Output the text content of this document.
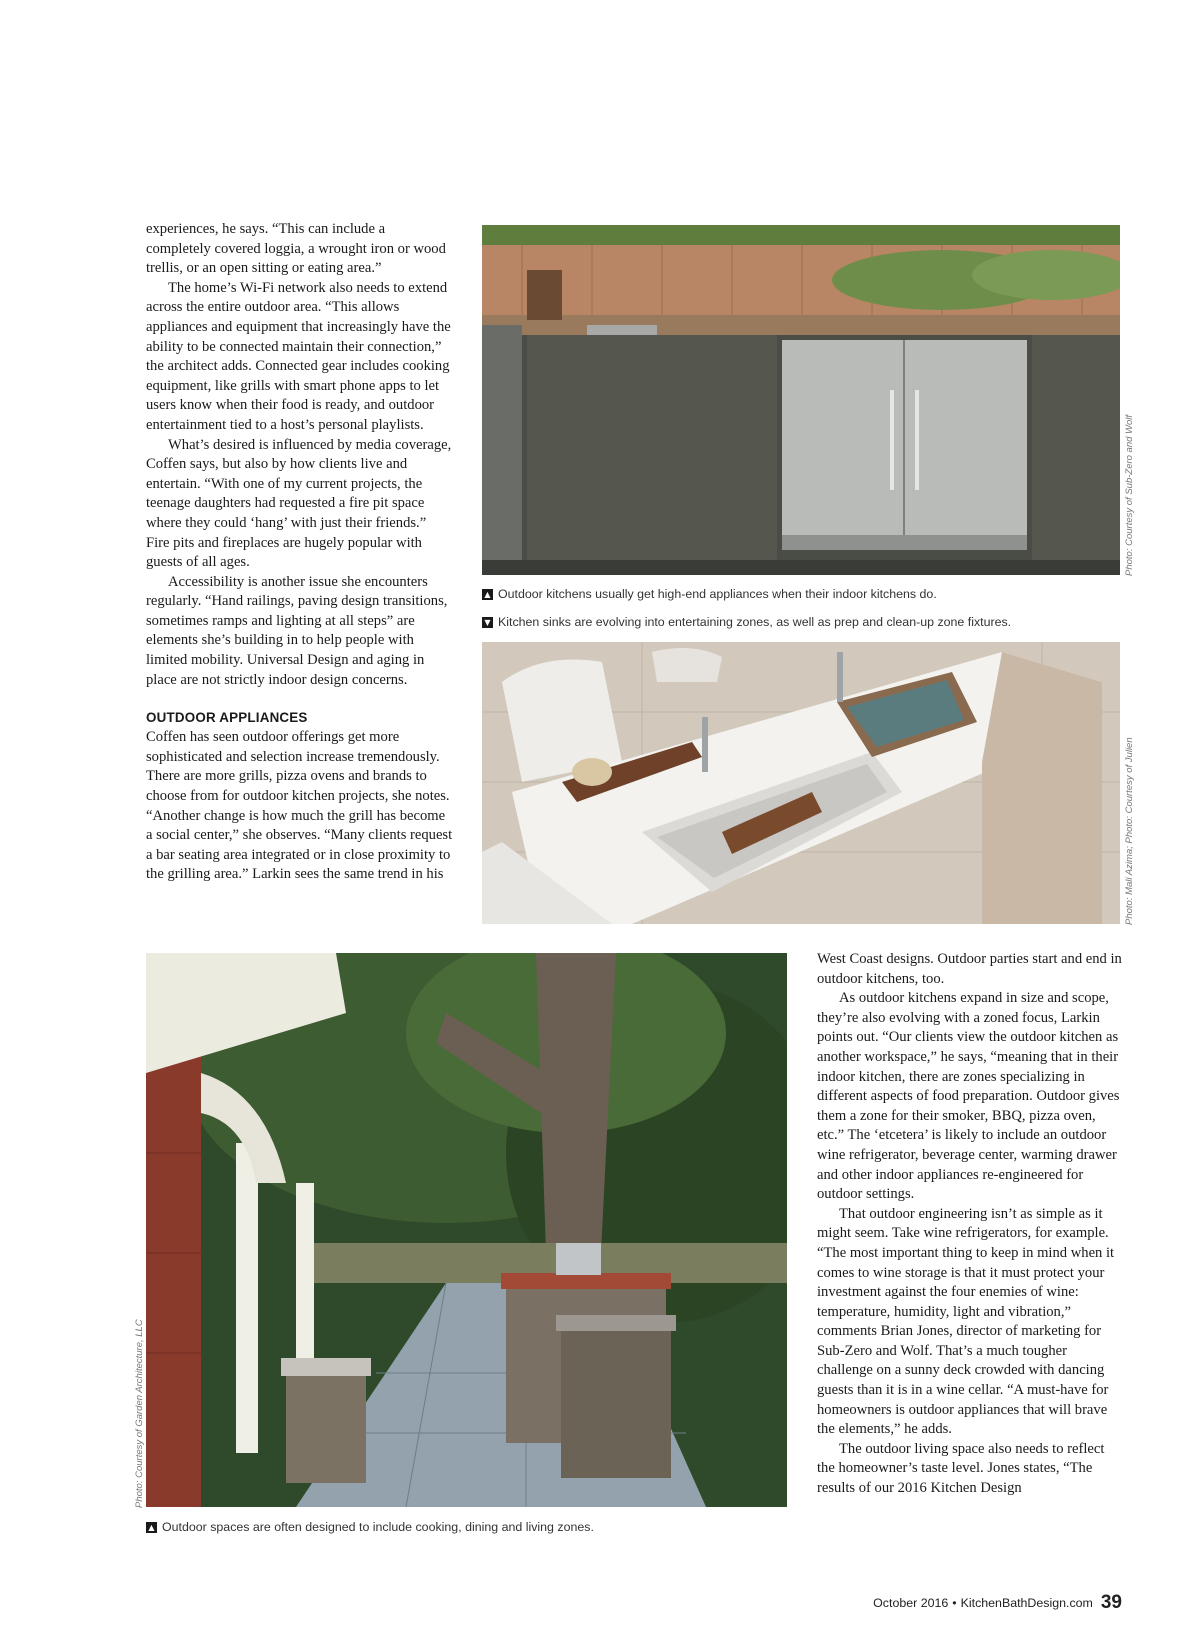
experiences, he says. “This can include a completely covered loggia, a wrought iron or wood trellis, or an open sitting or eating area.”

The home’s Wi-Fi network also needs to extend across the entire outdoor area. “This allows appliances and equipment that increasingly have the ability to be connected maintain their connection,” the architect adds. Connected gear includes cooking equipment, like grills with smart phone apps to let users know when their food is ready, and outdoor entertainment tied to a host’s personal playlists.

What’s desired is influenced by media coverage, Coffen says, but also by how clients live and entertain. “With one of my current projects, the teenage daughters had requested a fire pit space where they could ‘hang’ with just their friends.” Fire pits and fireplaces are hugely popular with guests of all ages.

Accessibility is another issue she encounters regularly. “Hand railings, paving design transitions, sometimes ramps and lighting at all steps” are elements she’s building in to help people with limited mobility. Universal Design and aging in place are not strictly indoor design concerns.

OUTDOOR APPLIANCES

Coffen has seen outdoor offerings get more sophisticated and selection increase tremendously. There are more grills, pizza ovens and brands to choose from for outdoor kitchen projects, she notes. “Another change is how much the grill has become a social center,” she observes. “Many clients request a bar seating area integrated or in close proximity to the grilling area.” Larkin sees the same trend in his

Photo: Courtesy of Sub-Zero and Wolf
▲ Outdoor kitchens usually get high-end appliances when their indoor kitchens do.
▼ Kitchen sinks are evolving into entertaining zones, as well as prep and clean-up zone fixtures.
Photo: Mali Azima; Photo: Courtesy of Julien
Photo: Courtesy of Garden Architecture, LLC
▲ Outdoor spaces are often designed to include cooking, dining and living zones.

West Coast designs. Outdoor parties start and end in outdoor kitchens, too.

As outdoor kitchens expand in size and scope, they’re also evolving with a zoned focus, Larkin points out. “Our clients view the outdoor kitchen as another workspace,” he says, “meaning that in their indoor kitchen, there are zones specializing in different aspects of food preparation. Outdoor gives them a zone for their smoker, BBQ, pizza oven, etc.” The ‘etcetera’ is likely to include an outdoor wine refrigerator, beverage center, warming drawer and other indoor appliances re-engineered for outdoor settings.

That outdoor engineering isn’t as simple as it might seem. Take wine refrigerators, for example. “The most important thing to keep in mind when it comes to wine storage is that it must protect your investment against the four enemies of wine: temperature, humidity, light and vibration,” comments Brian Jones, director of marketing for Sub-Zero and Wolf. That’s a much tougher challenge on a sunny deck crowded with dancing guests than it is in a wine cellar. “A must-have for homeowners is outdoor appliances that will brave the elements,” he adds.

The outdoor living space also needs to reflect the homeowner’s taste level. Jones states, “The results of our 2016 Kitchen Design

October 2016 • KitchenBathDesign.com 39
